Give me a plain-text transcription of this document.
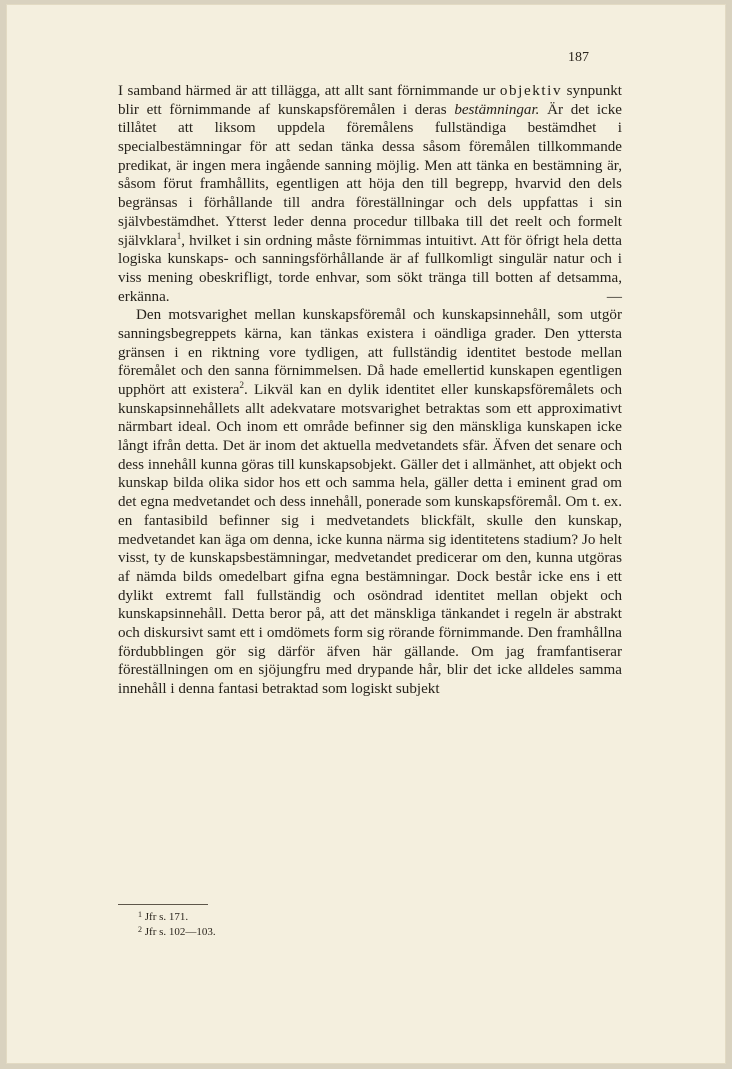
187

I samband härmed är att tillägga, att allt sant förnimmande ur objektiv synpunkt blir ett förnimmande af kunskapsföremålen i deras bestämningar. Är det icke tillåtet att liksom uppdela föremålens fullständiga bestämdhet i specialbestämningar för att sedan tänka dessa såsom föremålen tillkommande predikat, är ingen mera ingående sanning möjlig. Men att tänka en bestämning är, såsom förut framhållits, egentligen att höja den till begrepp, hvarvid den dels begränsas i förhållande till andra föreställningar och dels uppfattas i sin självbestämdhet. Ytterst leder denna procedur tillbaka till det reelt och formelt självklara$^1$, hvilket i sin ordning måste förnimmas intuitivt. Att för öfrigt hela detta logiska kunskaps- och sanningsförhållande är af fullkomligt singulär natur och i viss mening obeskrifligt, torde enhvar, som sökt tränga till botten af detsamma, erkänna. —

Den motsvarighet mellan kunskapsföremål och kunskapsinnehåll, som utgör sanningsbegreppets kärna, kan tänkas existera i oändliga grader. Den yttersta gränsen i en riktning vore tydligen, att fullständig identitet bestode mellan föremålet och den sanna förnimmelsen. Då hade emellertid kunskapen egentligen upphört att existera$^2$. Likväl kan en dylik identitet eller kunskapsföremålets och kunskapsinnehållets allt adekvatare motsvarighet betraktas som ett approximativt närmbart ideal. Och inom ett område befinner sig den mänskliga kunskapen icke långt ifrån detta. Det är inom det aktuella medvetandets sfär. Äfven det senare och dess innehåll kunna göras till kunskapsobjekt. Gäller det i allmänhet, att objekt och kunskap bilda olika sidor hos ett och samma hela, gäller detta i eminent grad om det egna medvetandet och dess innehåll, ponerade som kunskapsföremål. Om t. ex. en fantasibild befinner sig i medvetandets blickfält, skulle den kunskap, medvetandet kan äga om denna, icke kunna närma sig identitetens stadium? Jo helt visst, ty de kunskapsbestämningar, medvetandet predicerar om den, kunna utgöras af nämda bilds omedelbart gifna egna bestämningar. Dock består icke ens i ett dylikt extremt fall fullständig och osöndrad identitet mellan objekt och kunskapsinnehåll. Detta beror på, att det mänskliga tänkandet i regeln är abstrakt och diskursivt samt ett i omdömets form sig rörande förnimmande. Den framhållna fördubblingen gör sig därför äfven här gällande. Om jag framfantiserar föreställningen om en sjöjungfru med drypande hår, blir det icke alldeles samma innehåll i denna fantasi betraktad som logiskt subjekt

$^1$ Jfr s. 171.
$^2$ Jfr s. 102—103.
